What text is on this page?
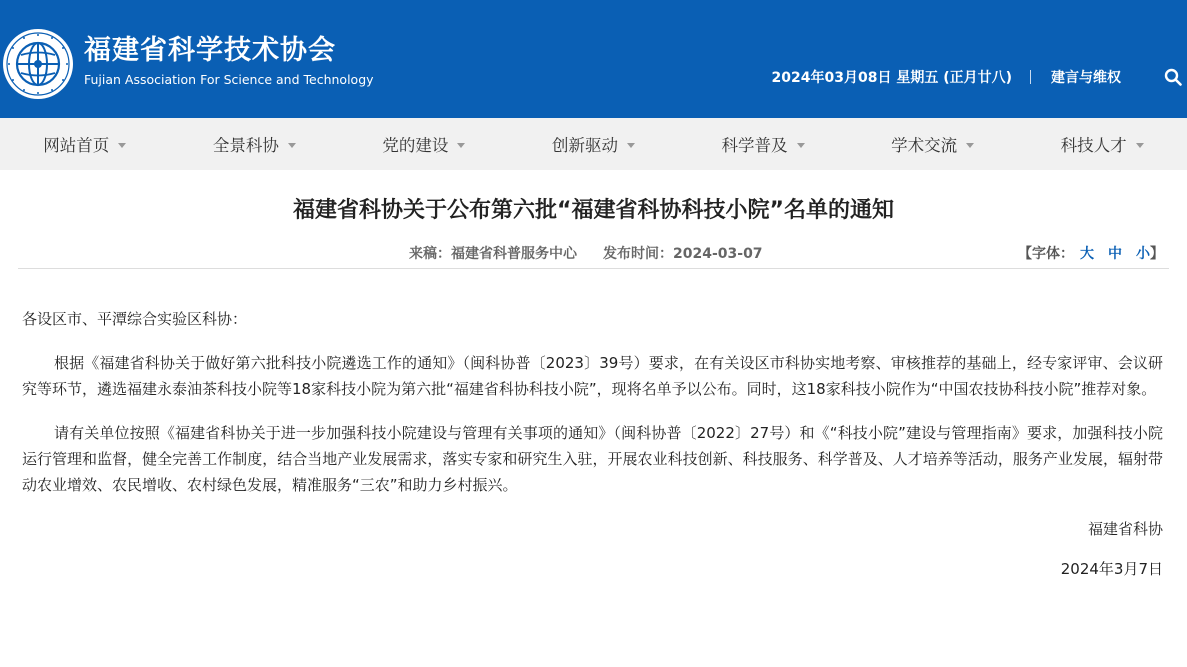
福建省科学技术协会
Fujian Association For Science and Technology	2024年03月08日 星期五 (正月廿八)	建言与维权
网站首页	全景科协	党的建设	创新驱动	科学普及	学术交流	科技人才
福建省科协关于公布第六批“福建省科协科技小院”名单的通知
来稿：福建省科普服务中心 发布时间：2024-03-07	【字体： 大 中 小】

各设区市、平潭综合实验区科协：

根据《福建省科协关于做好第六批科技小院遴选工作的通知》（闽科协普〔2023〕39号）要求，在有关设区市科协实地考察、审核推荐的基础上，经专家评审、会议研究等环节，遴选福建永泰油茶科技小院等18家科技小院为第六批“福建省科协科技小院”，现将名单予以公布。同时，这18家科技小院作为“中国农技协科技小院”推荐对象。

请有关单位按照《福建省科协关于进一步加强科技小院建设与管理有关事项的通知》（闽科协普〔2022〕27号）和《“科技小院”建设与管理指南》要求，加强科技小院运行管理和监督，健全完善工作制度，结合当地产业发展需求，落实专家和研究生入驻，开展农业科技创新、科技服务、科学普及、人才培养等活动，服务产业发展，辐射带动农业增效、农民增收、农村绿色发展，精准服务“三农”和助力乡村振兴。

福建省科协

2024年3月7日
